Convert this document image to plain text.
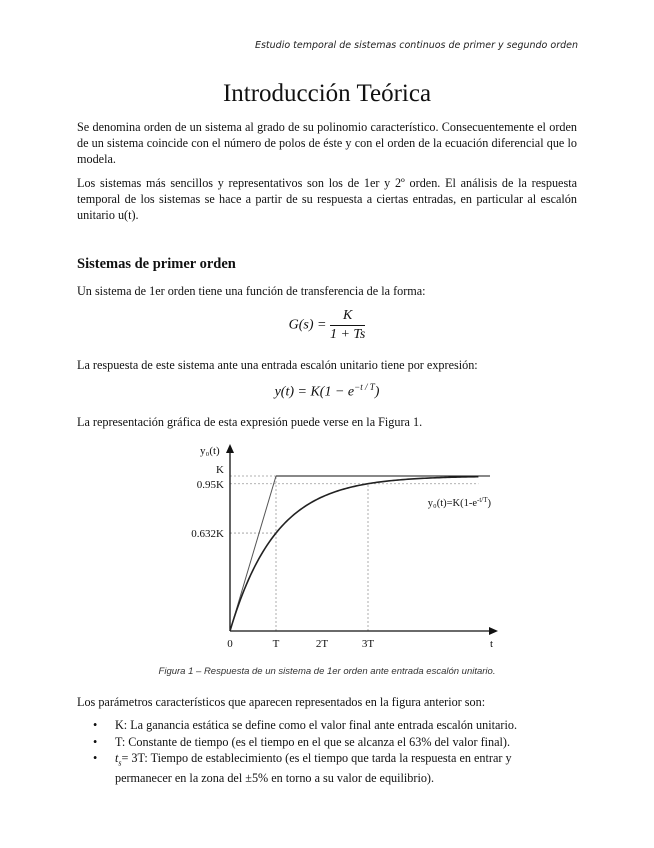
Estudio temporal de sistemas continuos de primer y segundo orden
Introducción Teórica

Se denomina orden de un sistema al grado de su polinomio característico. Consecuentemente el orden de un sistema coincide con el número de polos de éste y con el orden de la ecuación diferencial que lo modela.

Los sistemas más sencillos y representativos son los de 1er y 2º orden. El análisis de la respuesta temporal de los sistemas se hace a partir de su respuesta a ciertas entradas, en particular al escalón unitario u(t).

Sistemas de primer orden

Un sistema de 1er orden tiene una función de transferencia de la forma:

$G(s) = \frac{K}{1 + Ts}$

La respuesta de este sistema ante una entrada escalón unitario tiene por expresión:

$y(t) = K(1 - e^{-t / T})$

La representación gráfica de esta expresión puede verse en la Figura 1.

y₀(t)
t
K
0.95K
0.632K
0	T	2T	3T
$y_0(t)=K(1-e^{-t/T})$
Figura 1 – Respuesta de un sistema de 1er orden ante entrada escalón unitario.

Los parámetros característicos que aparecen representados en la figura anterior son:

• K: La ganancia estática se define como el valor final ante entrada escalón unitario.
• T: Constante de tiempo (es el tiempo en el que se alcanza el 63% del valor final).
• $t_s= 3T$: Tiempo de establecimiento (es el tiempo que tarda la respuesta en entrar y permanecer en la zona del ±5% en torno a su valor de equilibrio).
